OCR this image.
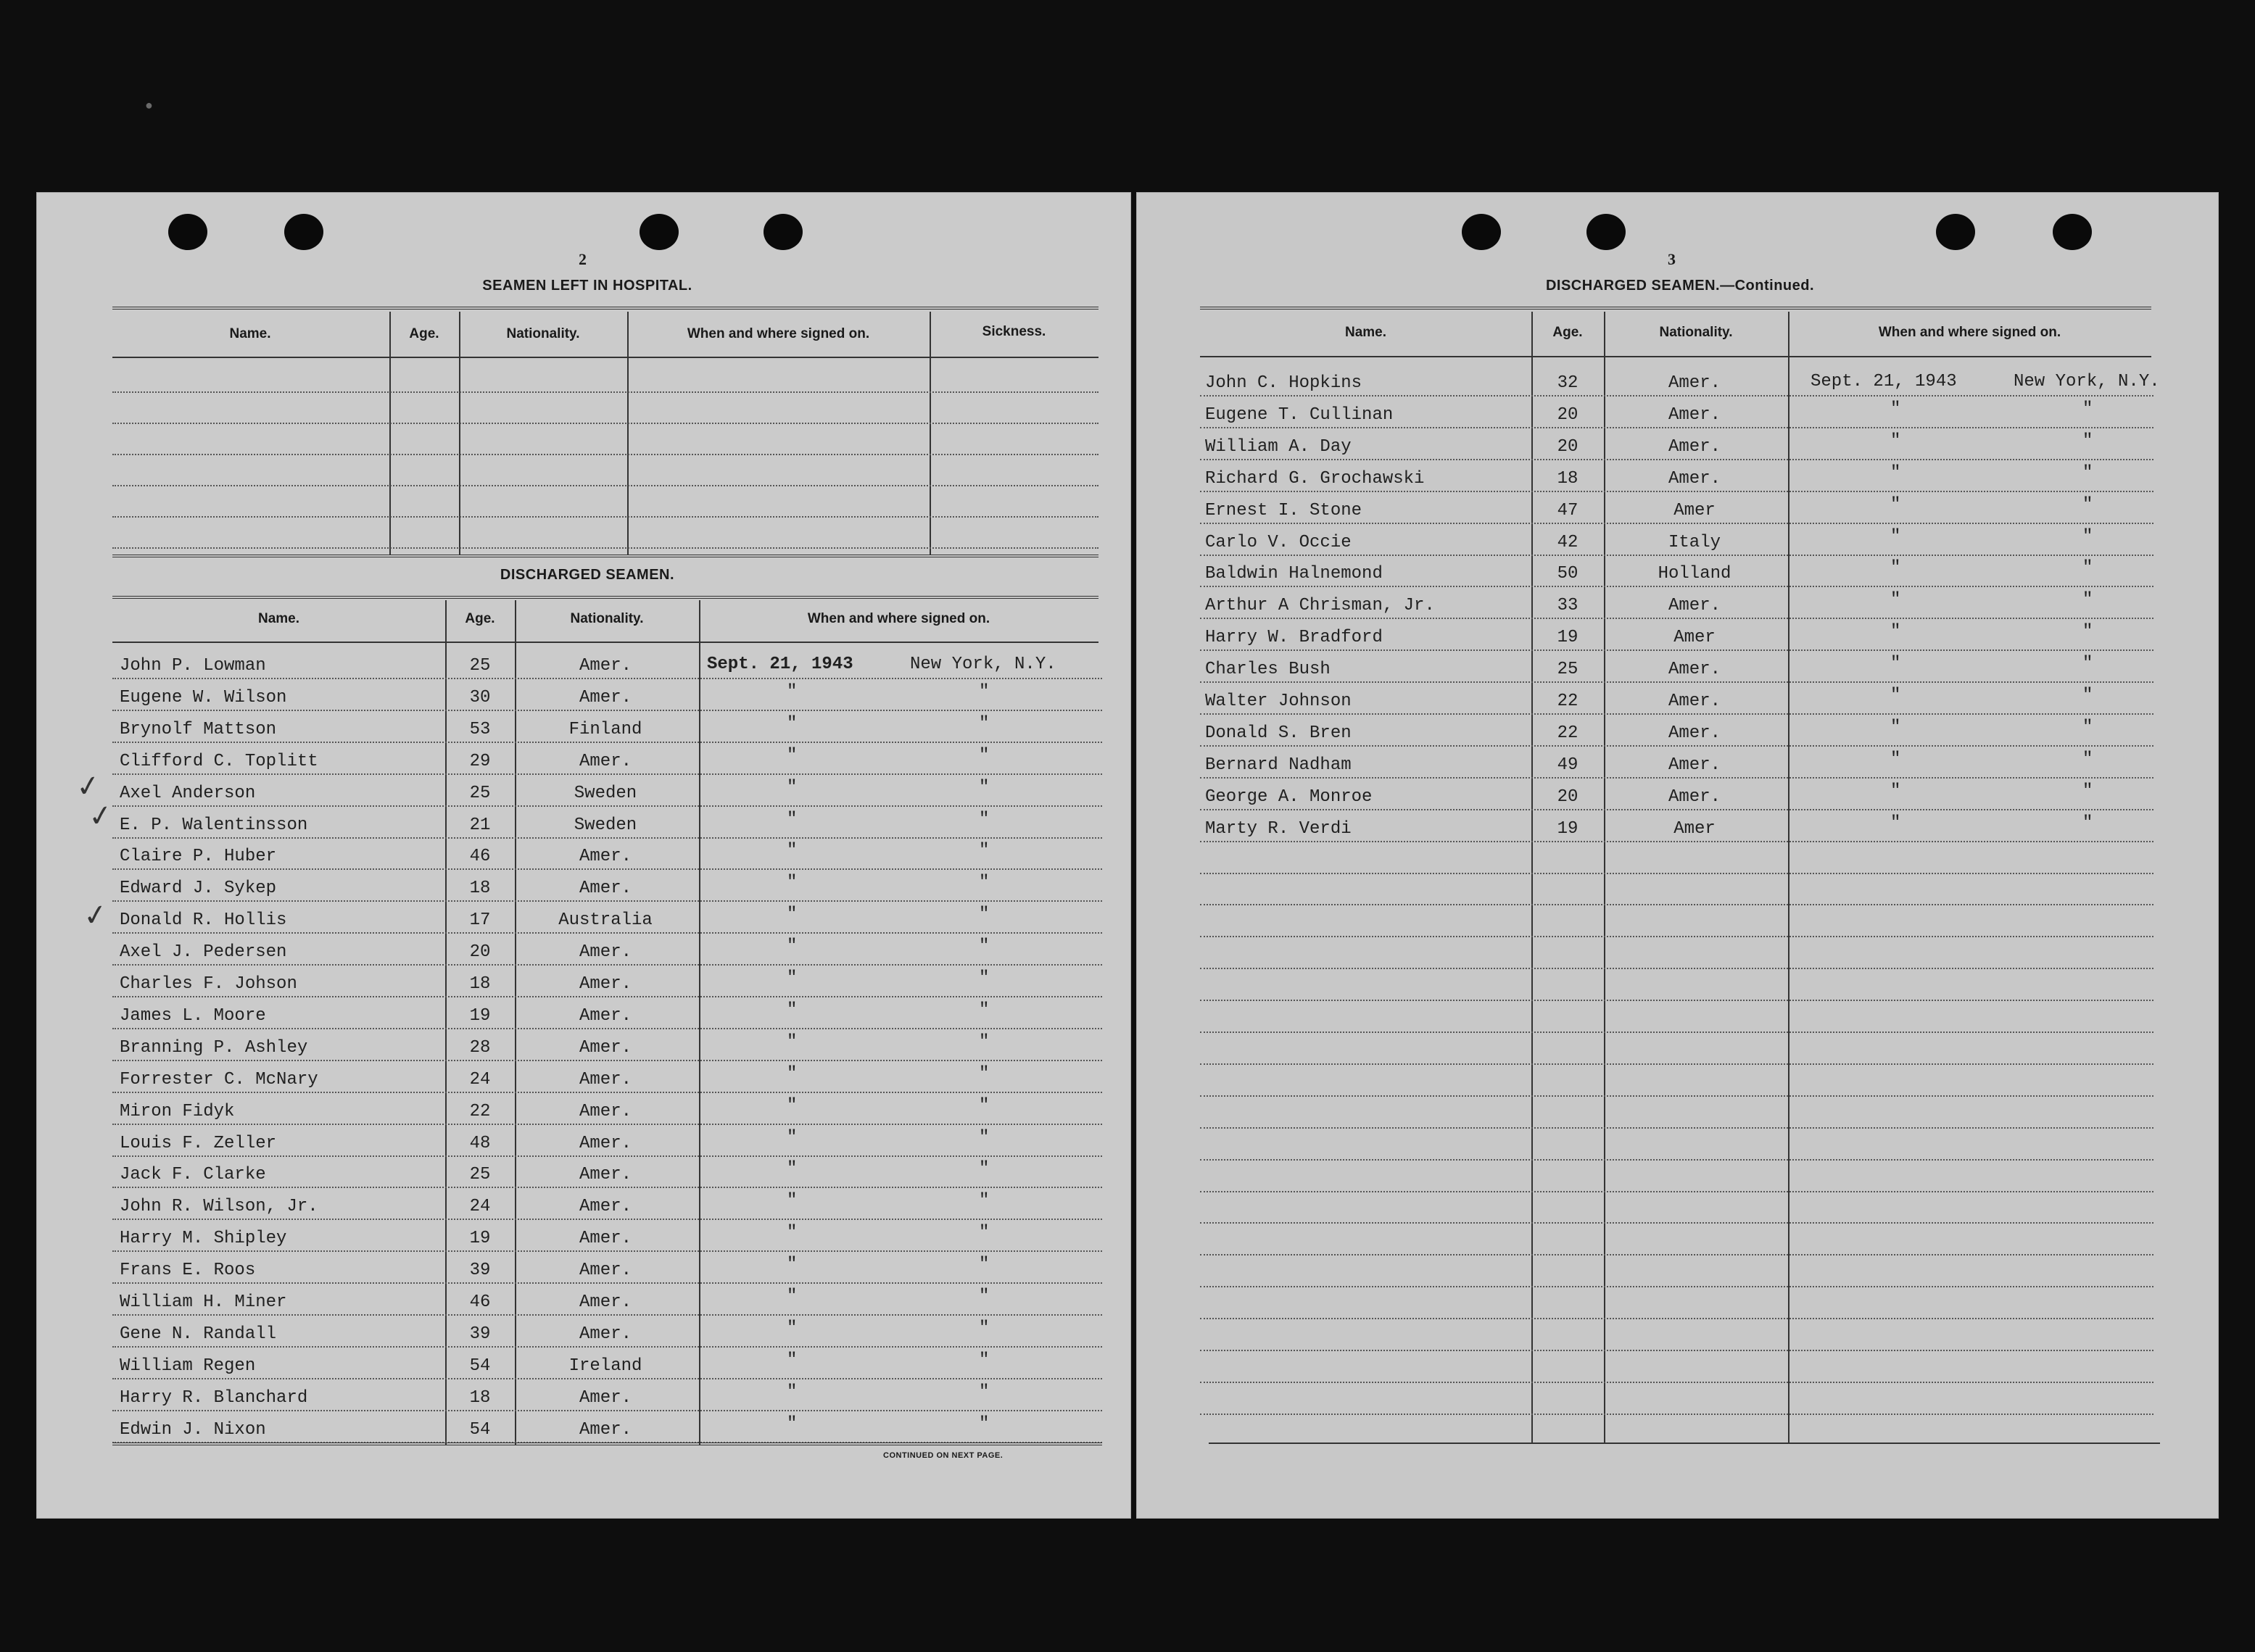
2
SEAMEN LEFT IN HOSPITAL.
Name.	Age.	Nationality.	When and where signed on.	Sickness.
DISCHARGED SEAMEN.
Name.	Age.	Nationality.	When and where signed on.
John P. Lowman	25	Amer.	Sept. 21, 1943	New York, N.Y.
Eugene W. Wilson	30	Amer.	"	"
Brynolf Mattson	53	Finland	"	"
Clifford C. Toplitt	29	Amer.	"	"
Axel Anderson	25	Sweden	"	"
E. P. Walentinsson	21	Sweden	"	"
Claire P. Huber	46	Amer.	"	"
Edward J. Sykep	18	Amer.	"	"
Donald R. Hollis	17	Australia	"	"
Axel J. Pedersen	20	Amer.	"	"
Charles F. Johson	18	Amer.	"	"
James L. Moore	19	Amer.	"	"
Branning P. Ashley	28	Amer.	"	"
Forrester C. McNary	24	Amer.	"	"
Miron Fidyk	22	Amer.	"	"
Louis F. Zeller	48	Amer.	"	"
Jack F. Clarke	25	Amer.	"	"
John R. Wilson, Jr.	24	Amer.	"	"
Harry M. Shipley	19	Amer.	"	"
Frans E. Roos	39	Amer.	"	"
William H. Miner	46	Amer.	"	"
Gene N. Randall	39	Amer.	"	"
William Regen	54	Ireland	"	"
Harry R. Blanchard	18	Amer.	"	"
Edwin J. Nixon	54	Amer.	"	"
CONTINUED ON NEXT PAGE.
✓
✓
✓
3
DISCHARGED SEAMEN.—Continued.
Name.	Age.	Nationality.	When and where signed on.
John C. Hopkins	32	Amer.	Sept. 21, 1943	New York, N.Y.
Eugene T. Cullinan	20	Amer.	"	"
William A. Day	20	Amer.	"	"
Richard G. Grochawski	18	Amer.	"	"
Ernest I. Stone	47	Amer	"	"
Carlo V. Occie	42	Italy	"	"
Baldwin Halnemond	50	Holland	"	"
Arthur A Chrisman, Jr.	33	Amer.	"	"
Harry W. Bradford	19	Amer	"	"
Charles Bush	25	Amer.	"	"
Walter Johnson	22	Amer.	"	"
Donald S. Bren	22	Amer.	"	"
Bernard Nadham	49	Amer.	"	"
George A. Monroe	20	Amer.	"	"
Marty R. Verdi	19	Amer	"	"
●
